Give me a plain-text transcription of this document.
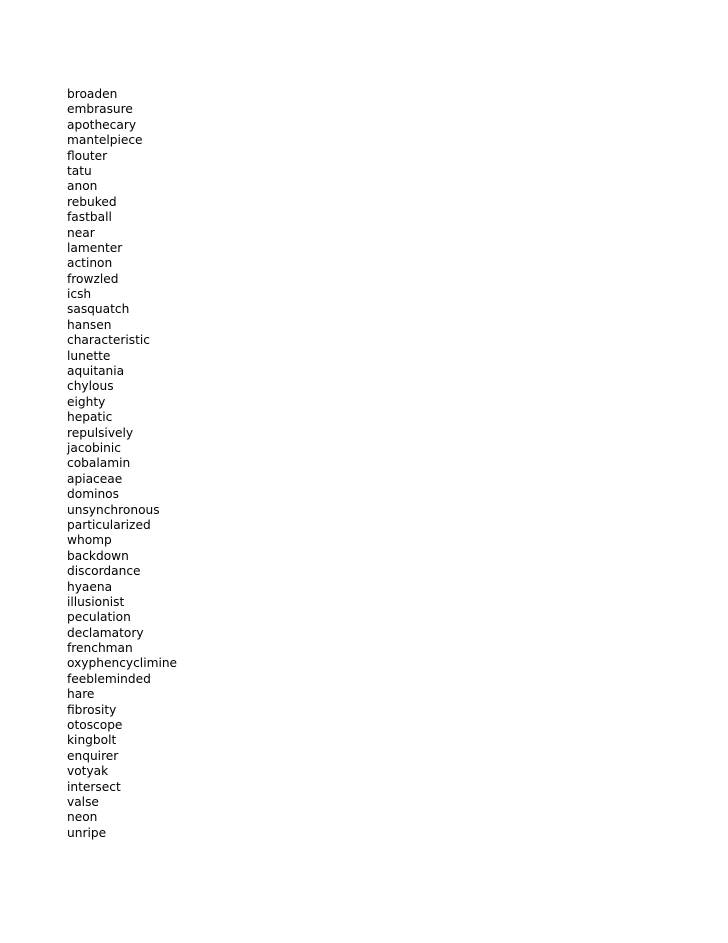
broaden
embrasure
apothecary
mantelpiece
flouter
tatu
anon
rebuked
fastball
near
lamenter
actinon
frowzled
icsh
sasquatch
hansen
characteristic
lunette
aquitania
chylous
eighty
hepatic
repulsively
jacobinic
cobalamin
apiaceae
dominos
unsynchronous
particularized
whomp
backdown
discordance
hyaena
illusionist
peculation
declamatory
frenchman
oxyphencyclimine
feebleminded
hare
fibrosity
otoscope
kingbolt
enquirer
votyak
intersect
valse
neon
unripe
